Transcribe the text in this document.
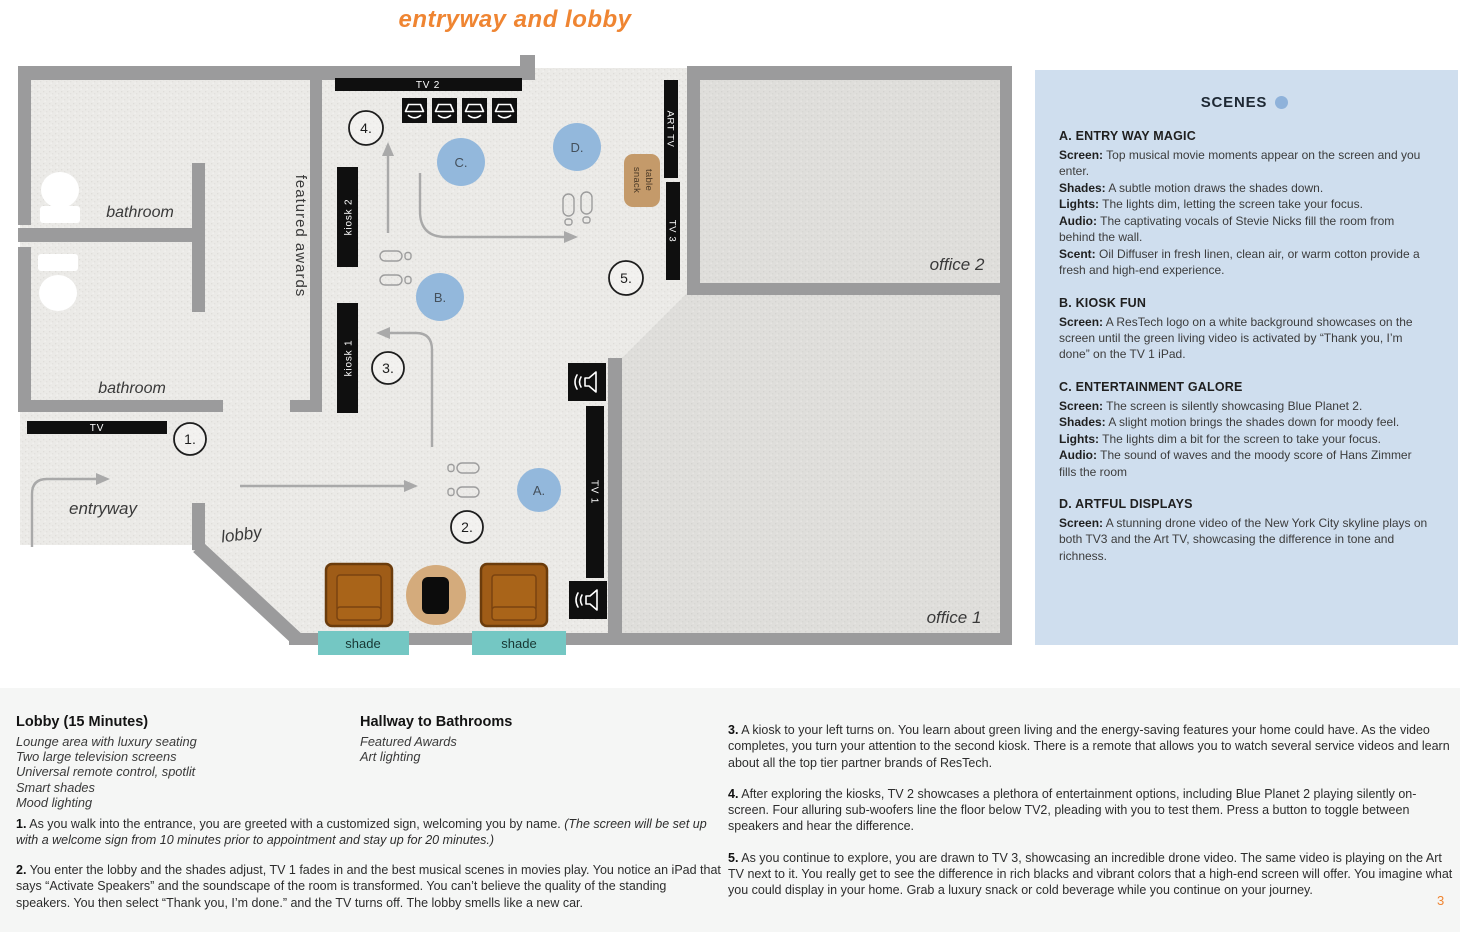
entryway and lobby
TV 2
TV
kiosk 2
kiosk 1
ART TV
TV 3
TV 1
snack table
shade	shade
C.
D.
B.
A.
1.
2.
3.
4.
5.
bathroom
bathroom
featured awards
entryway
lobby
office 2
office 1
SCENES
A. ENTRY WAY MAGIC
Screen: Top musical movie moments appear on the screen and you enter.
Shades: A subtle motion draws the shades down.
Lights: The lights dim, letting the screen take your focus.
Audio: The captivating vocals of Stevie Nicks fill the room from behind the wall.
Scent: Oil Diffuser in fresh linen, clean air, or warm cotton provide a fresh and high-end experience.
B. KIOSK FUN
Screen: A ResTech logo on a white background showcases on the screen until the green living video is activated by “Thank you, I’m done” on the TV 1 iPad.
C. ENTERTAINMENT GALORE
Screen: The screen is silently showcasing Blue Planet 2.
Shades: A slight motion brings the shades down for moody feel.
Lights: The lights dim a bit for the screen to take your focus.
Audio: The sound of waves and the moody score of Hans Zimmer fills the room
D. ARTFUL DISPLAYS
Screen: A stunning drone video of the New York City skyline plays on both TV3 and the Art TV, showcasing the difference in tone and richness.
Lobby (15 Minutes)
Lounge area with luxury seating
Two large television screens
Universal remote control, spotlit
Smart shades
Mood lighting
Hallway to Bathrooms
Featured Awards
Art lighting
1. As you walk into the entrance, you are greeted with a customized sign, welcoming you by name. (The screen will be set up with a welcome sign from 10 minutes prior to appointment and stay up for 20 minutes.)
2. You enter the lobby and the shades adjust, TV 1 fades in and the best musical scenes in movies play. You notice an iPad that says “Activate Speakers” and the soundscape of the room is transformed. You can’t believe the quality of the standing speakers. You then select “Thank you, I’m done.” and the TV turns off. The lobby smells like a new car.
3. A kiosk to your left turns on. You learn about green living and the energy-saving features your home could have. As the video completes, you turn your attention to the second kiosk. There is a remote that allows you to watch several service videos and learn about all the top tier partner brands of ResTech.
4. After exploring the kiosks, TV 2 showcases a plethora of entertainment options, including Blue Planet 2 playing silently on-screen. Four alluring sub-woofers line the floor below TV2, pleading with you to test them. Press a button to toggle between speakers and hear the difference.
5. As you continue to explore, you are drawn to TV 3, showcasing an incredible drone video. The same video is playing on the Art TV next to it. You really get to see the difference in rich blacks and vibrant colors that a high-end screen will offer. You imagine what you could display in your home. Grab a luxury snack or cold beverage while you continue on your journey.
3
